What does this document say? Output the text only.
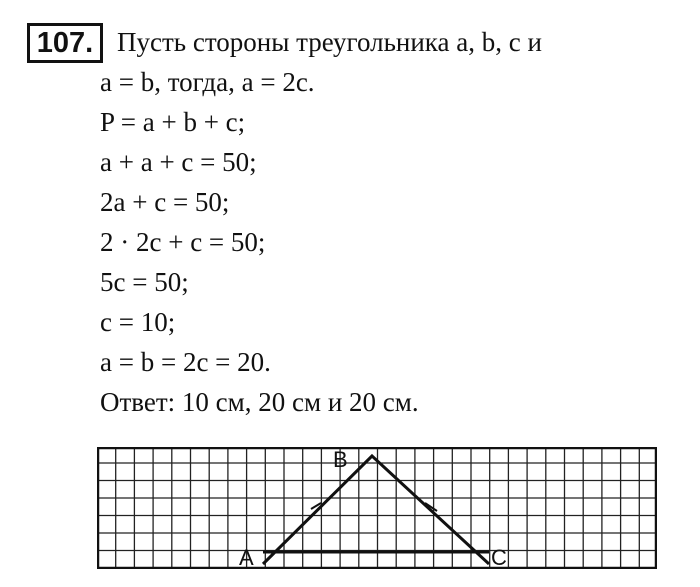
107. Пусть стороны треугольника a, b, c и
a = b, тогда, a = 2c.
P = a + b + c;
a + a + c = 50;
2a + c = 50;
2 · 2c + c = 50;
5c = 50;
c = 10;
a = b = 2c = 20.
Ответ: 10 см, 20 см и 20 см.
A
B
C
